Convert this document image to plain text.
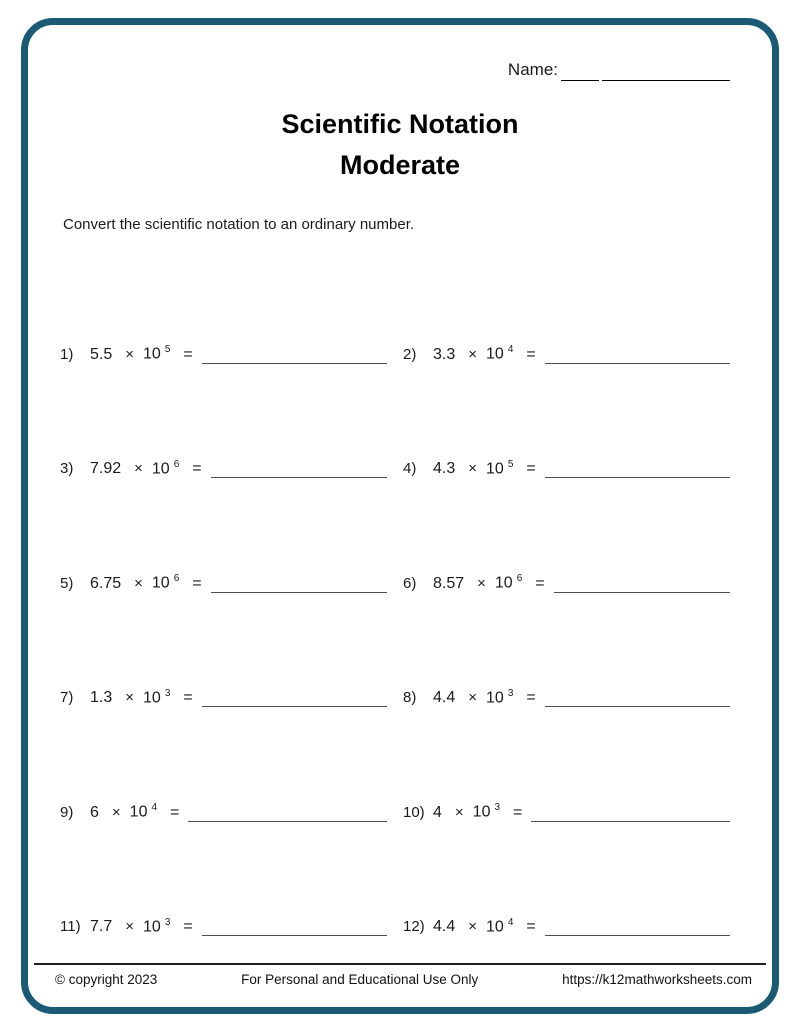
Name:
Scientific Notation
Moderate
Convert the scientific notation to an ordinary number.
1)	5.5 × 10 $^5$ =	2)	3.3 × 10 $^4$ =
3)	7.92 × 10 $^6$ =	4)	4.3 × 10 $^5$ =
5)	6.75 × 10 $^6$ =	6)	8.57 × 10 $^6$ =
7)	1.3 × 10 $^3$ =	8)	4.4 × 10 $^3$ =
9)	6 × 10 $^4$ =	10) 4 × 10 $^3$ =
11) 7.7 × 10 $^3$ =	12) 4.4 × 10 $^4$ =
© copyright 2023	For Personal and Educational Use Only	https://k12mathworksheets.com
